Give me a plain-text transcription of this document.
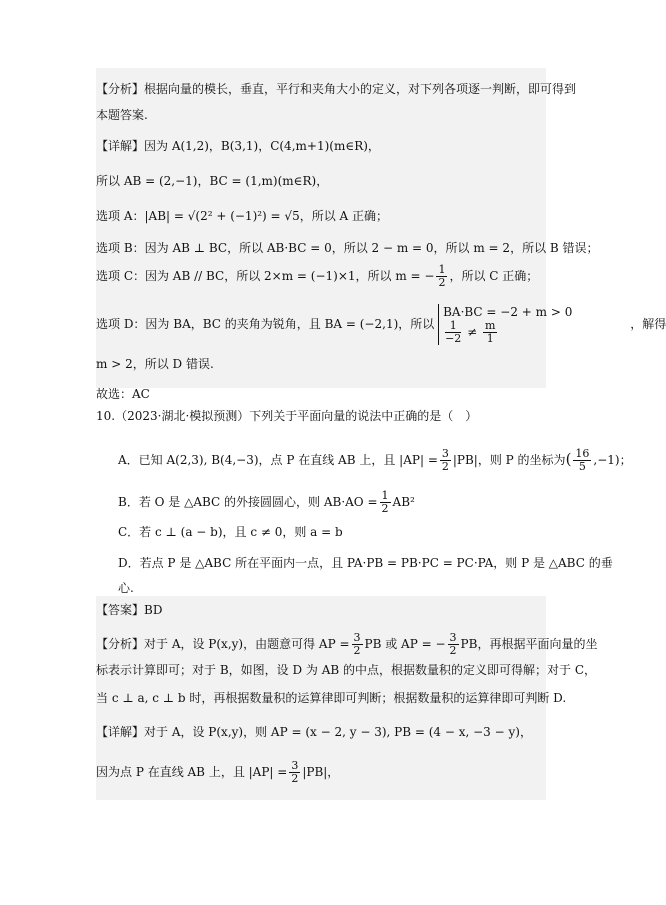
【分析】根据向量的模长，垂直，平行和夹角大小的定义，对下列各项逐一判断，即可得到
本题答案.
【详解】因为 A(1,2)，B(3,1)，C(4,m+1)(m∈R)，
所以 AB = (2,−1)，BC = (1,m)(m∈R)，
选项 A：|AB| = √(2² + (−1)²) = √5，所以 A 正确；
选项 B：因为 AB ⊥ BC，所以 AB·BC = 0，所以 2 − m = 0，所以 m = 2，所以 B 错误；
选项 C：因为 AB // BC，所以 2×m = (−1)×1，所以 m = − $\frac{1}{2}$ ，所以 C 正确；
选项 D：因为 BA，BC 的夹角为锐角，且 BA = (−2,1)，所以
BA·BC = −2 + m > 0
$\frac{1}{-2} \ne \frac{m}{1}$	，解得
m > 2，所以 D 错误.
故选：AC
10.（2023·湖北·模拟预测）下列关于平面向量的说法中正确的是（　）
A．已知 A(2,3), B(4,−3)，点 P 在直线 AB 上，且 $|AP| = \frac{3}{2} |PB|$，则 P 的坐标为( $\frac{16}{5} ,-1$)；
B．若 O 是 △ABC 的外接圆圆心，则 $AB\cdot AO = \frac{1}{2} AB^2$
C．若 c ⊥ (a − b)，且 c ≠ 0，则 a = b
D．若点 P 是 △ABC 所在平面内一点，且 PA·PB = PB·PC = PC·PA，则 P 是 △ABC 的垂
心.
【答案】BD
【分析】对于 A，设 P(x,y)，由题意可得 AP = $\frac{3}{2}$ PB 或 AP = − $\frac{3}{2}$ PB，再根据平面向量的坐
标表示计算即可；对于 B，如图，设 D 为 AB 的中点，根据数量积的定义即可得解；对于 C，
当 c ⊥ a, c ⊥ b 时，再根据数量积的运算律即可判断；根据数量积的运算律即可判断 D.
【详解】对于 A，设 P(x,y)，则 AP = (x − 2, y − 3), PB = (4 − x, −3 − y)，
因为点 P 在直线 AB 上，且 $|AP| = \frac{3}{2} |PB|$，
